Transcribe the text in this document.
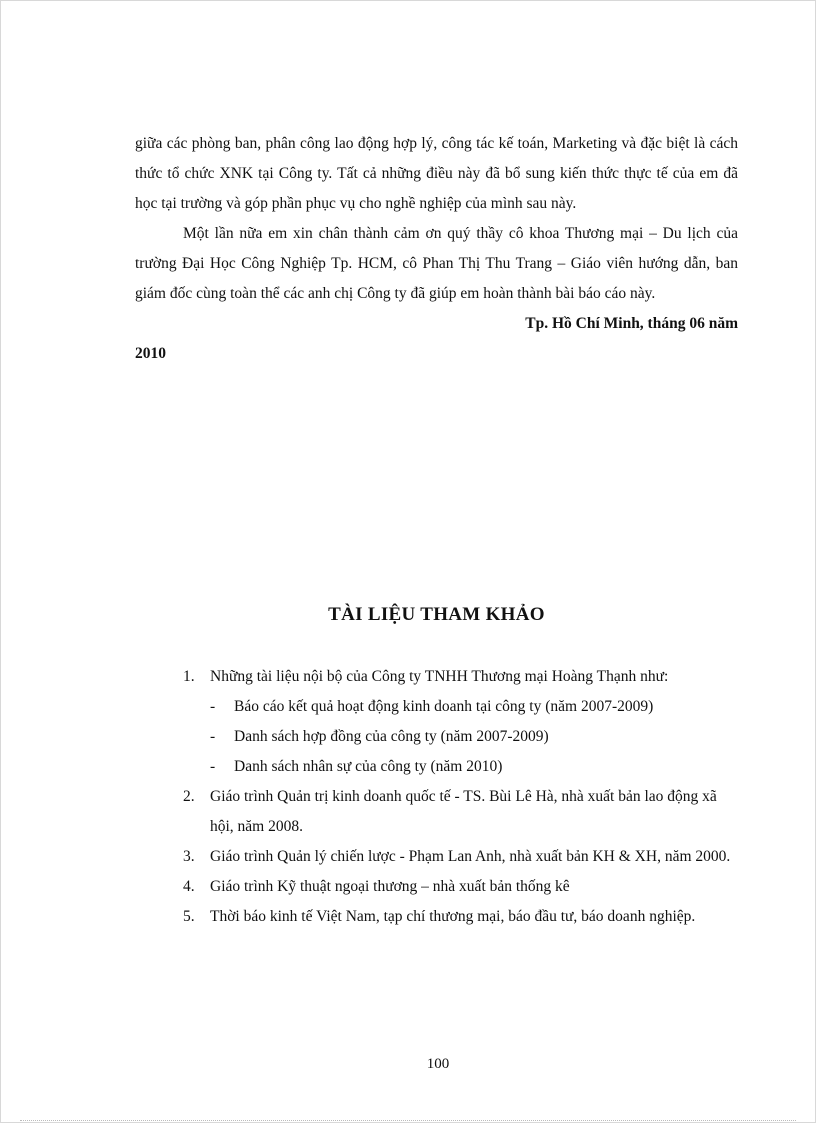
giữa các phòng ban, phân công lao động hợp lý, công tác kế toán, Marketing và đặc biệt là cách thức tổ chức XNK tại Công ty. Tất cả những điều này đã bổ sung kiến thức thực tế của em đã học tại trường và góp phần phục vụ cho nghề nghiệp của mình sau này.

Một lần nữa em xin chân thành cảm ơn quý thầy cô khoa Thương mại – Du lịch của trường Đại Học Công Nghiệp Tp. HCM, cô Phan Thị Thu Trang – Giáo viên hướng dẫn, ban giám đốc cùng toàn thể các anh chị Công ty đã giúp em hoàn thành bài báo cáo này.

Tp. Hồ Chí Minh, tháng 06 năm

2010

TÀI LIỆU THAM KHẢO
1. Những tài liệu nội bộ của Công ty TNHH Thương mại Hoàng Thạnh như:
- Báo cáo kết quả hoạt động kinh doanh tại công ty (năm 2007-2009)
- Danh sách hợp đồng của công ty (năm 2007-2009)
- Danh sách nhân sự của công ty (năm 2010)
2. Giáo trình Quản trị kinh doanh quốc tế - TS. Bùi Lê Hà, nhà xuất bản lao động xã hội, năm 2008.
3. Giáo trình Quản lý chiến lược - Phạm Lan Anh, nhà xuất bản KH & XH, năm 2000.
4. Giáo trình Kỹ thuật ngoại thương – nhà xuất bản thống kê
5. Thời báo kinh tế Việt Nam, tạp chí thương mại, báo đầu tư, báo doanh nghiệp.
100
